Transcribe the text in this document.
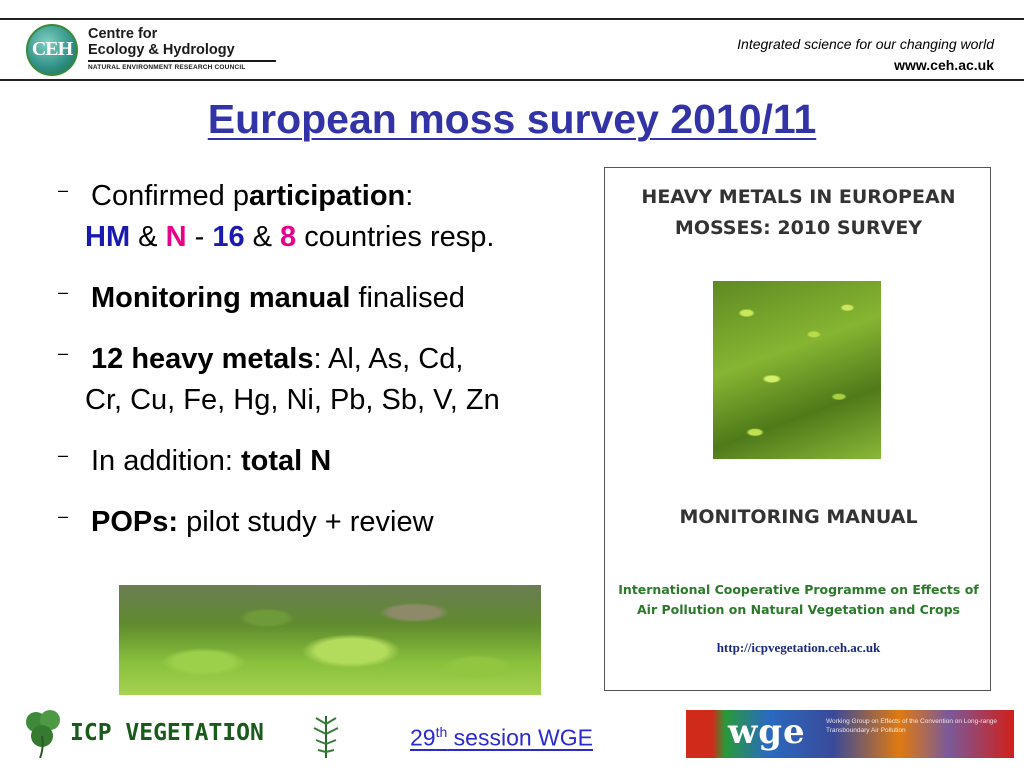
CEH
Centre for
Ecology & Hydrology
NATURAL ENVIRONMENT RESEARCH COUNCIL
Integrated science for our changing world
www.ceh.ac.uk
European moss survey 2010/11
– Confirmed participation:
HM & N - 16 & 8 countries resp.
– Monitoring manual finalised
– 12 heavy metals: Al, As, Cd,
Cr, Cu, Fe, Hg, Ni, Pb, Sb, V, Zn
– In addition: total N
– POPs: pilot study + review
HEAVY METALS IN EUROPEAN
MOSSES: 2010 SURVEY
MONITORING MANUAL
International Cooperative Programme on Effects of
Air Pollution on Natural Vegetation and Crops
http://icpvegetation.ceh.ac.uk
ICP VEGETATION	29th session WGE	wge	Working Group on Effects of the Convention on Long-range Transboundary Air Pollution
